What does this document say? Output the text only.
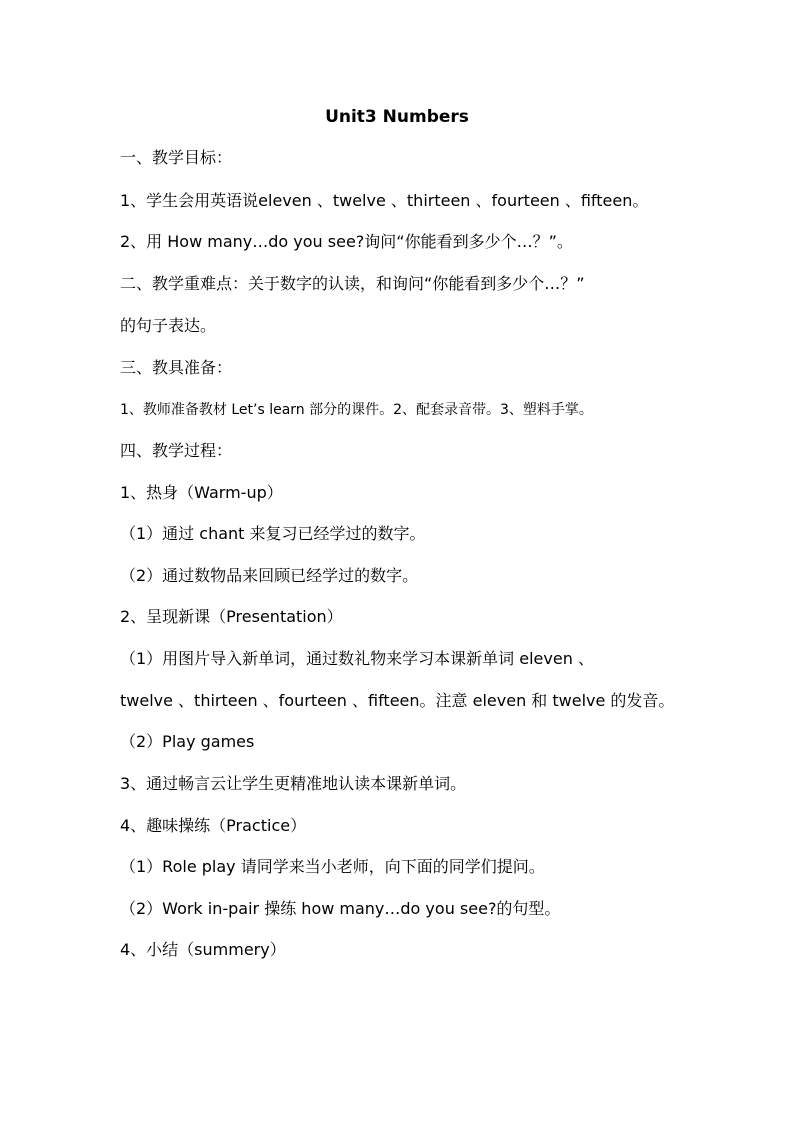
Unit3 Numbers
一、教学目标：
1、学生会用英语说eleven 、twelve 、thirteen 、fourteen 、fifteen。
2、用 How many…do you see?询问“你能看到多少个…？”。
二、教学重难点：关于数字的认读，和询问“你能看到多少个…？”
的句子表达。
三、教具准备：
1、教师准备教材 Let’s learn 部分的课件。2、配套录音带。3、塑料手掌。
四、教学过程：
1、热身（Warm-up）
（1）通过 chant 来复习已经学过的数字。
（2）通过数物品来回顾已经学过的数字。
2、呈现新课（Presentation）
（1）用图片导入新单词，通过数礼物来学习本课新单词 eleven 、
twelve 、thirteen 、fourteen 、fifteen。注意 eleven 和 twelve 的发音。
（2）Play games
3、通过畅言云让学生更精准地认读本课新单词。
4、趣味操练（Practice）
（1）Role play 请同学来当小老师，向下面的同学们提问。
（2）Work in-pair 操练 how many…do you see?的句型。
4、小结（summery）
